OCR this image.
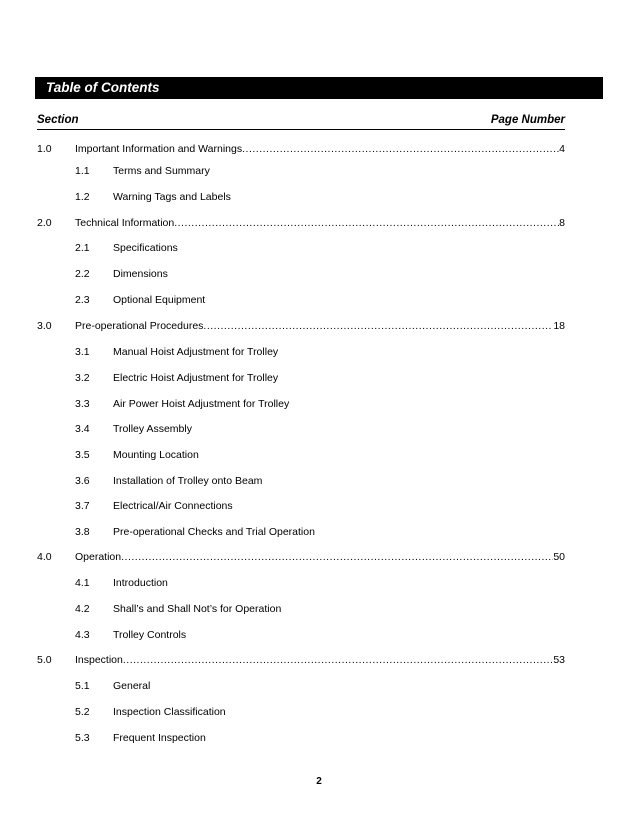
Table of Contents
Section	Page Number
1.0 Important Information and Warnings .....	4
1.1 Terms and Summary
1.2 Warning Tags and Labels
2.0 Technical Information .....	8
2.1 Specifications
2.2 Dimensions
2.3 Optional Equipment
3.0 Pre-operational Procedures .....	18
3.1 Manual Hoist Adjustment for Trolley
3.2 Electric Hoist Adjustment for Trolley
3.3 Air Power Hoist Adjustment for Trolley
3.4 Trolley Assembly
3.5 Mounting Location
3.6 Installation of Trolley onto Beam
3.7 Electrical/Air Connections
3.8 Pre-operational Checks and Trial Operation
4.0 Operation .....	50
4.1 Introduction
4.2 Shall’s and Shall Not’s for Operation
4.3 Trolley Controls
5.0 Inspection .....	53
5.1 General
5.2 Inspection Classification
5.3 Frequent Inspection
2
